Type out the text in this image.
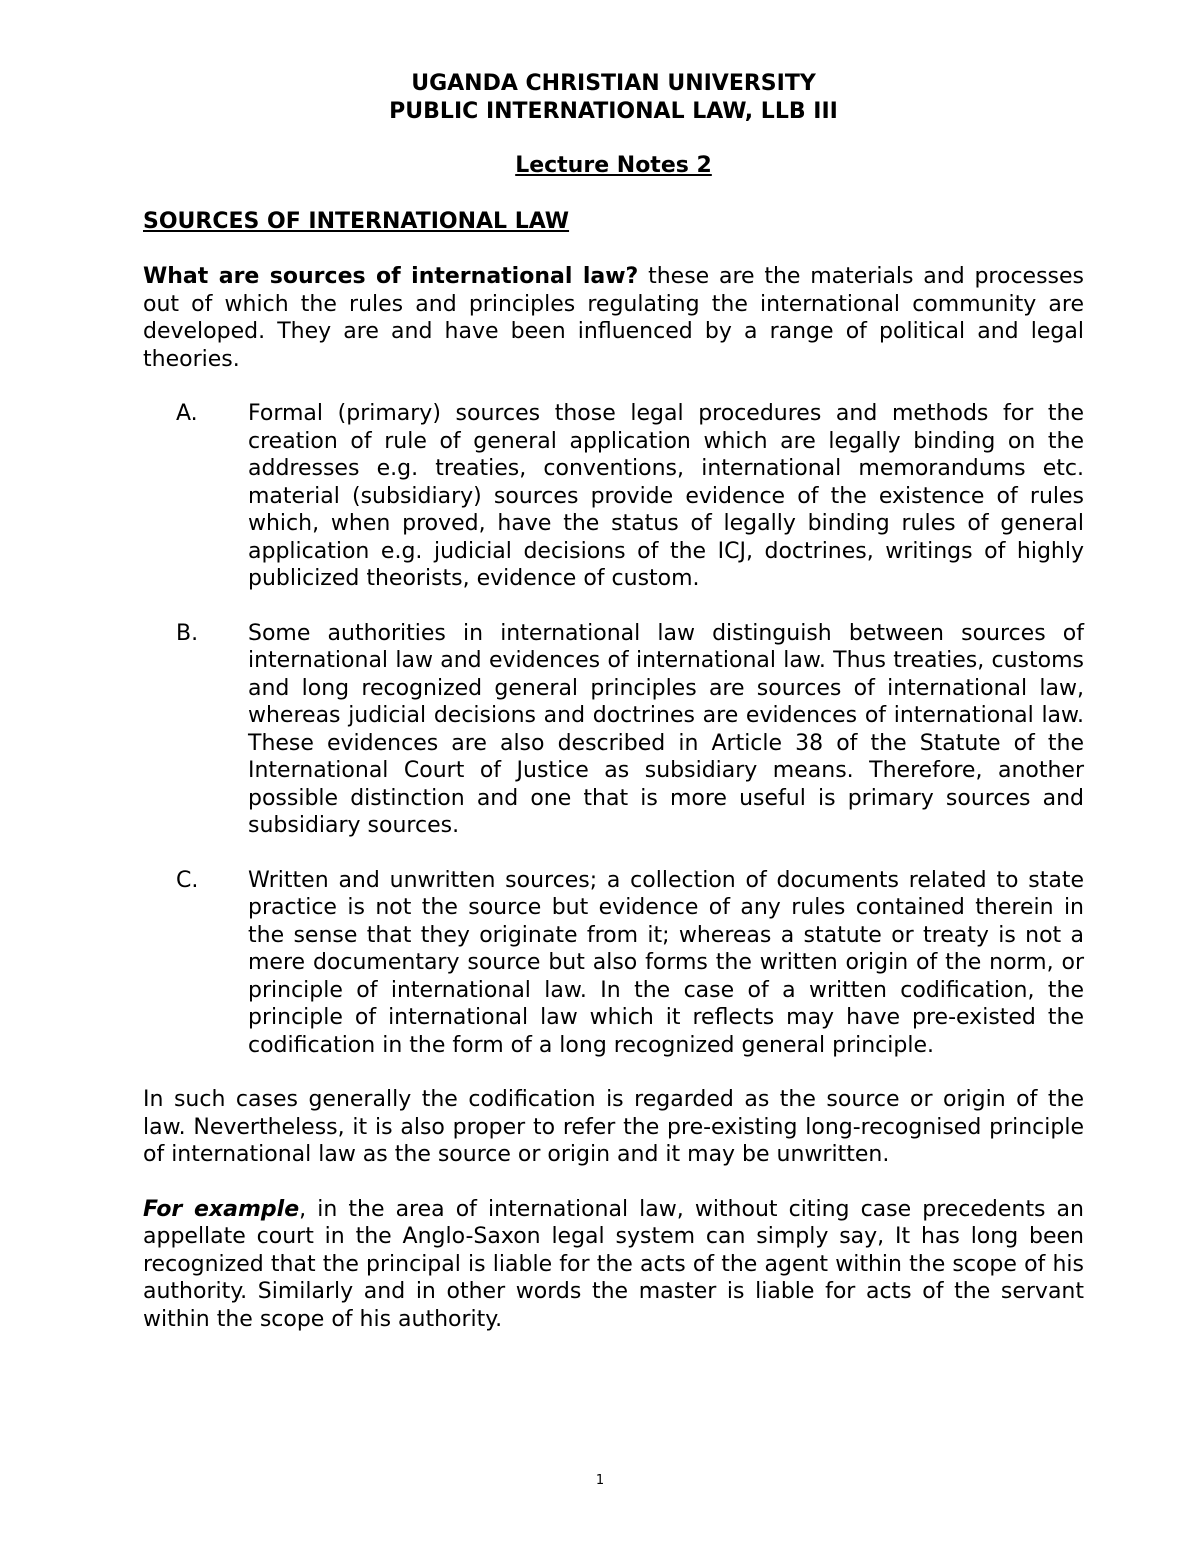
UGANDA CHRISTIAN UNIVERSITY

PUBLIC INTERNATIONAL LAW, LLB III

Lecture Notes 2

SOURCES OF INTERNATIONAL LAW

What are sources of international law? these are the materials and processes out of which the rules and principles regulating the international community are developed. They are and have been influenced by a range of political and legal theories.

A.	Formal (primary) sources those legal procedures and methods for the creation of rule of general application which are legally binding on the addresses e.g. treaties, conventions, international memorandums etc. material (subsidiary) sources provide evidence of the existence of rules which, when proved, have the status of legally binding rules of general application e.g. judicial decisions of the ICJ, doctrines, writings of highly publicized theorists, evidence of custom.
B.	Some authorities in international law distinguish between sources of international law and evidences of international law. Thus treaties, customs and long recognized general principles are sources of international law, whereas judicial decisions and doctrines are evidences of international law. These evidences are also described in Article 38 of the Statute of the International Court of Justice as subsidiary means. Therefore, another possible distinction and one that is more useful is primary sources and subsidiary sources.
C.	Written and unwritten sources; a collection of documents related to state practice is not the source but evidence of any rules contained therein in the sense that they originate from it; whereas a statute or treaty is not a mere documentary source but also forms the written origin of the norm, or principle of international law. In the case of a written codification, the principle of international law which it reflects may have pre-existed the codification in the form of a long recognized general principle.

In such cases generally the codification is regarded as the source or origin of the law. Nevertheless, it is also proper to refer the pre-existing long-recognised principle of international law as the source or origin and it may be unwritten.

For example, in the area of international law, without citing case precedents an appellate court in the Anglo-Saxon legal system can simply say, It has long been recognized that the principal is liable for the acts of the agent within the scope of his authority. Similarly and in other words the master is liable for acts of the servant within the scope of his authority.

1
